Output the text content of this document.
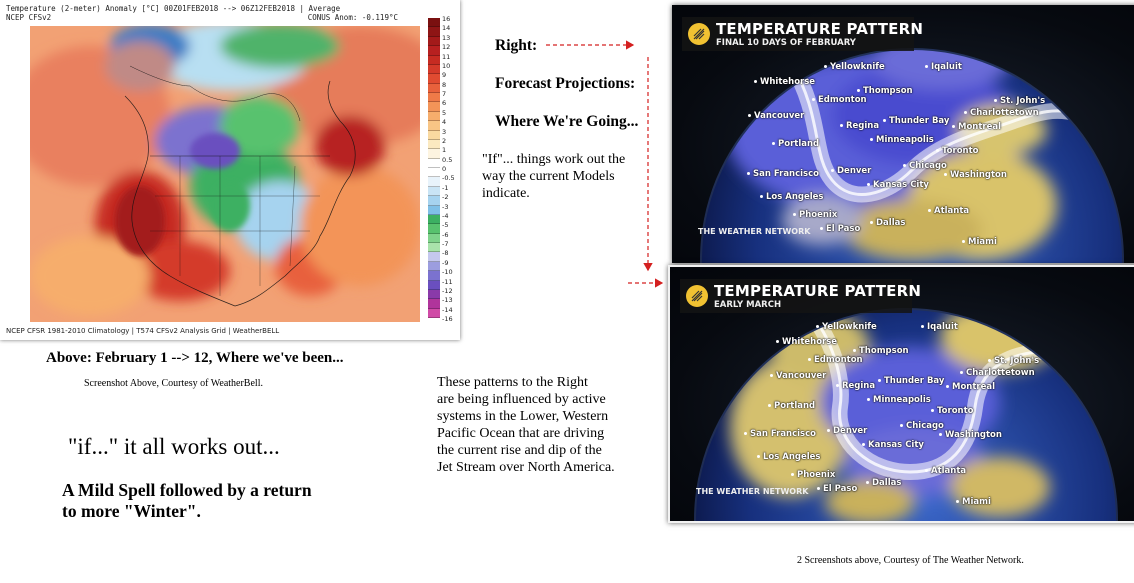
Temperature (2-meter) Anomaly [°C] 00Z01FEB2018 --> 06Z12FEB2018 | Average
NCEP CFSv2	CONUS Anom: -0.119°C	16
14
13
12
11
10
9
8
7
6
5
4
3
2
1
0.5
0
-0.5
-1
-2
-3
-4
-5
-6
-7
-8
-9
-10
-11
-12
-13
-14
-16
NCEP CFSR 1981-2010 Climatology | T574 CFSv2 Analysis Grid | WeatherBELL
Above: February 1 --> 12, Where we've been...
Screenshot Above, Courtesy of WeatherBell.
"if..." it all works out...
A Mild Spell followed by a return
to more "Winter".
Right:
Forecast Projections:
Where We're Going...
"If"... things work out the
way the current Models
indicate.
These patterns to the Right
are being influenced by active
systems in the Lower, Western
Pacific Ocean that are driving
the current rise and dip of the
Jet Stream over North America.
TEMPERATURE PATTERN
FINAL 10 DAYS OF FEBRUARY
Yellowknife	Iqaluit
Whitehorse
Thompson
Edmonton	St. John's
Vancouver	Thunder Bay
Charlottetown
Regina	Montreal
Minneapolis
Portland
Toronto
Denver	Chicago
San Francisco	Washington
Kansas City
Los Angeles
Atlanta
Phoenix
El Paso
Dallas
Miami
THE WEATHER NETWORK
TEMPERATURE PATTERN
EARLY MARCH
Yellowknife	Iqaluit
Whitehorse
Thompson
Edmonton	St. John's
Vancouver	Charlottetown
Regina Thunder Bay
Montreal
Minneapolis
Portland	Toronto
Chicago
San Francisco Denver	Washington
Kansas City
Los Angeles
Atlanta
Phoenix
El Paso
Dallas
Miami
THE WEATHER NETWORK
2 Screenshots above, Courtesy of The Weather Network.
